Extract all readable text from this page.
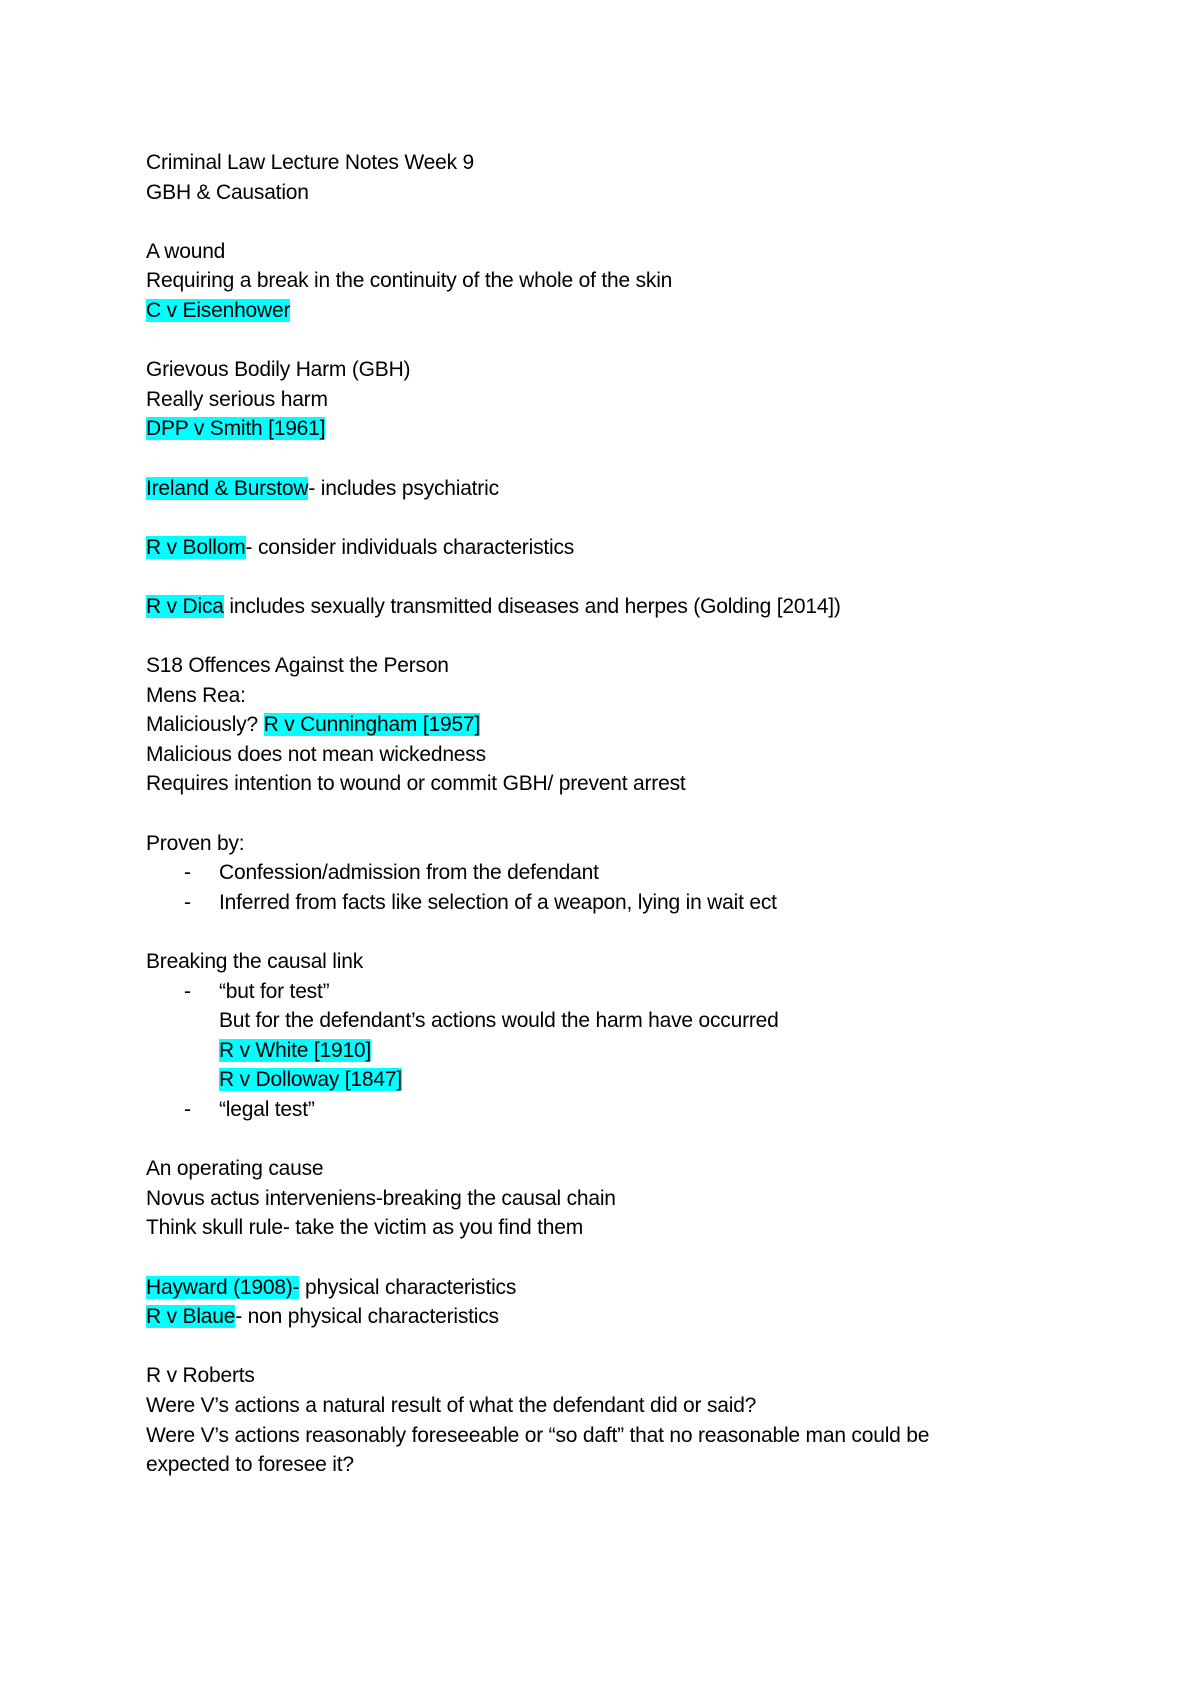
Criminal Law Lecture Notes Week 9
GBH & Causation
A wound
Requiring a break in the continuity of the whole of the skin
C v Eisenhower
Grievous Bodily Harm (GBH)
Really serious harm
DPP v Smith [1961]
Ireland & Burstow- includes psychiatric
R v Bollom- consider individuals characteristics
R v Dica includes sexually transmitted diseases and herpes (Golding [2014])
S18 Offences Against the Person
Mens Rea:
Maliciously? R v Cunningham [1957]
Malicious does not mean wickedness
Requires intention to wound or commit GBH/ prevent arrest
Proven by:
- Confession/admission from the defendant
- Inferred from facts like selection of a weapon, lying in wait ect
Breaking the causal link
- “but for test”
But for the defendant’s actions would the harm have occurred
R v White [1910]
R v Dolloway [1847]
- “legal test”
An operating cause
Novus actus interveniens-breaking the causal chain
Think skull rule- take the victim as you find them
Hayward (1908)- physical characteristics
R v Blaue- non physical characteristics
R v Roberts
Were V’s actions a natural result of what the defendant did or said?
Were V’s actions reasonably foreseeable or “so daft” that no reasonable man could be
expected to foresee it?
